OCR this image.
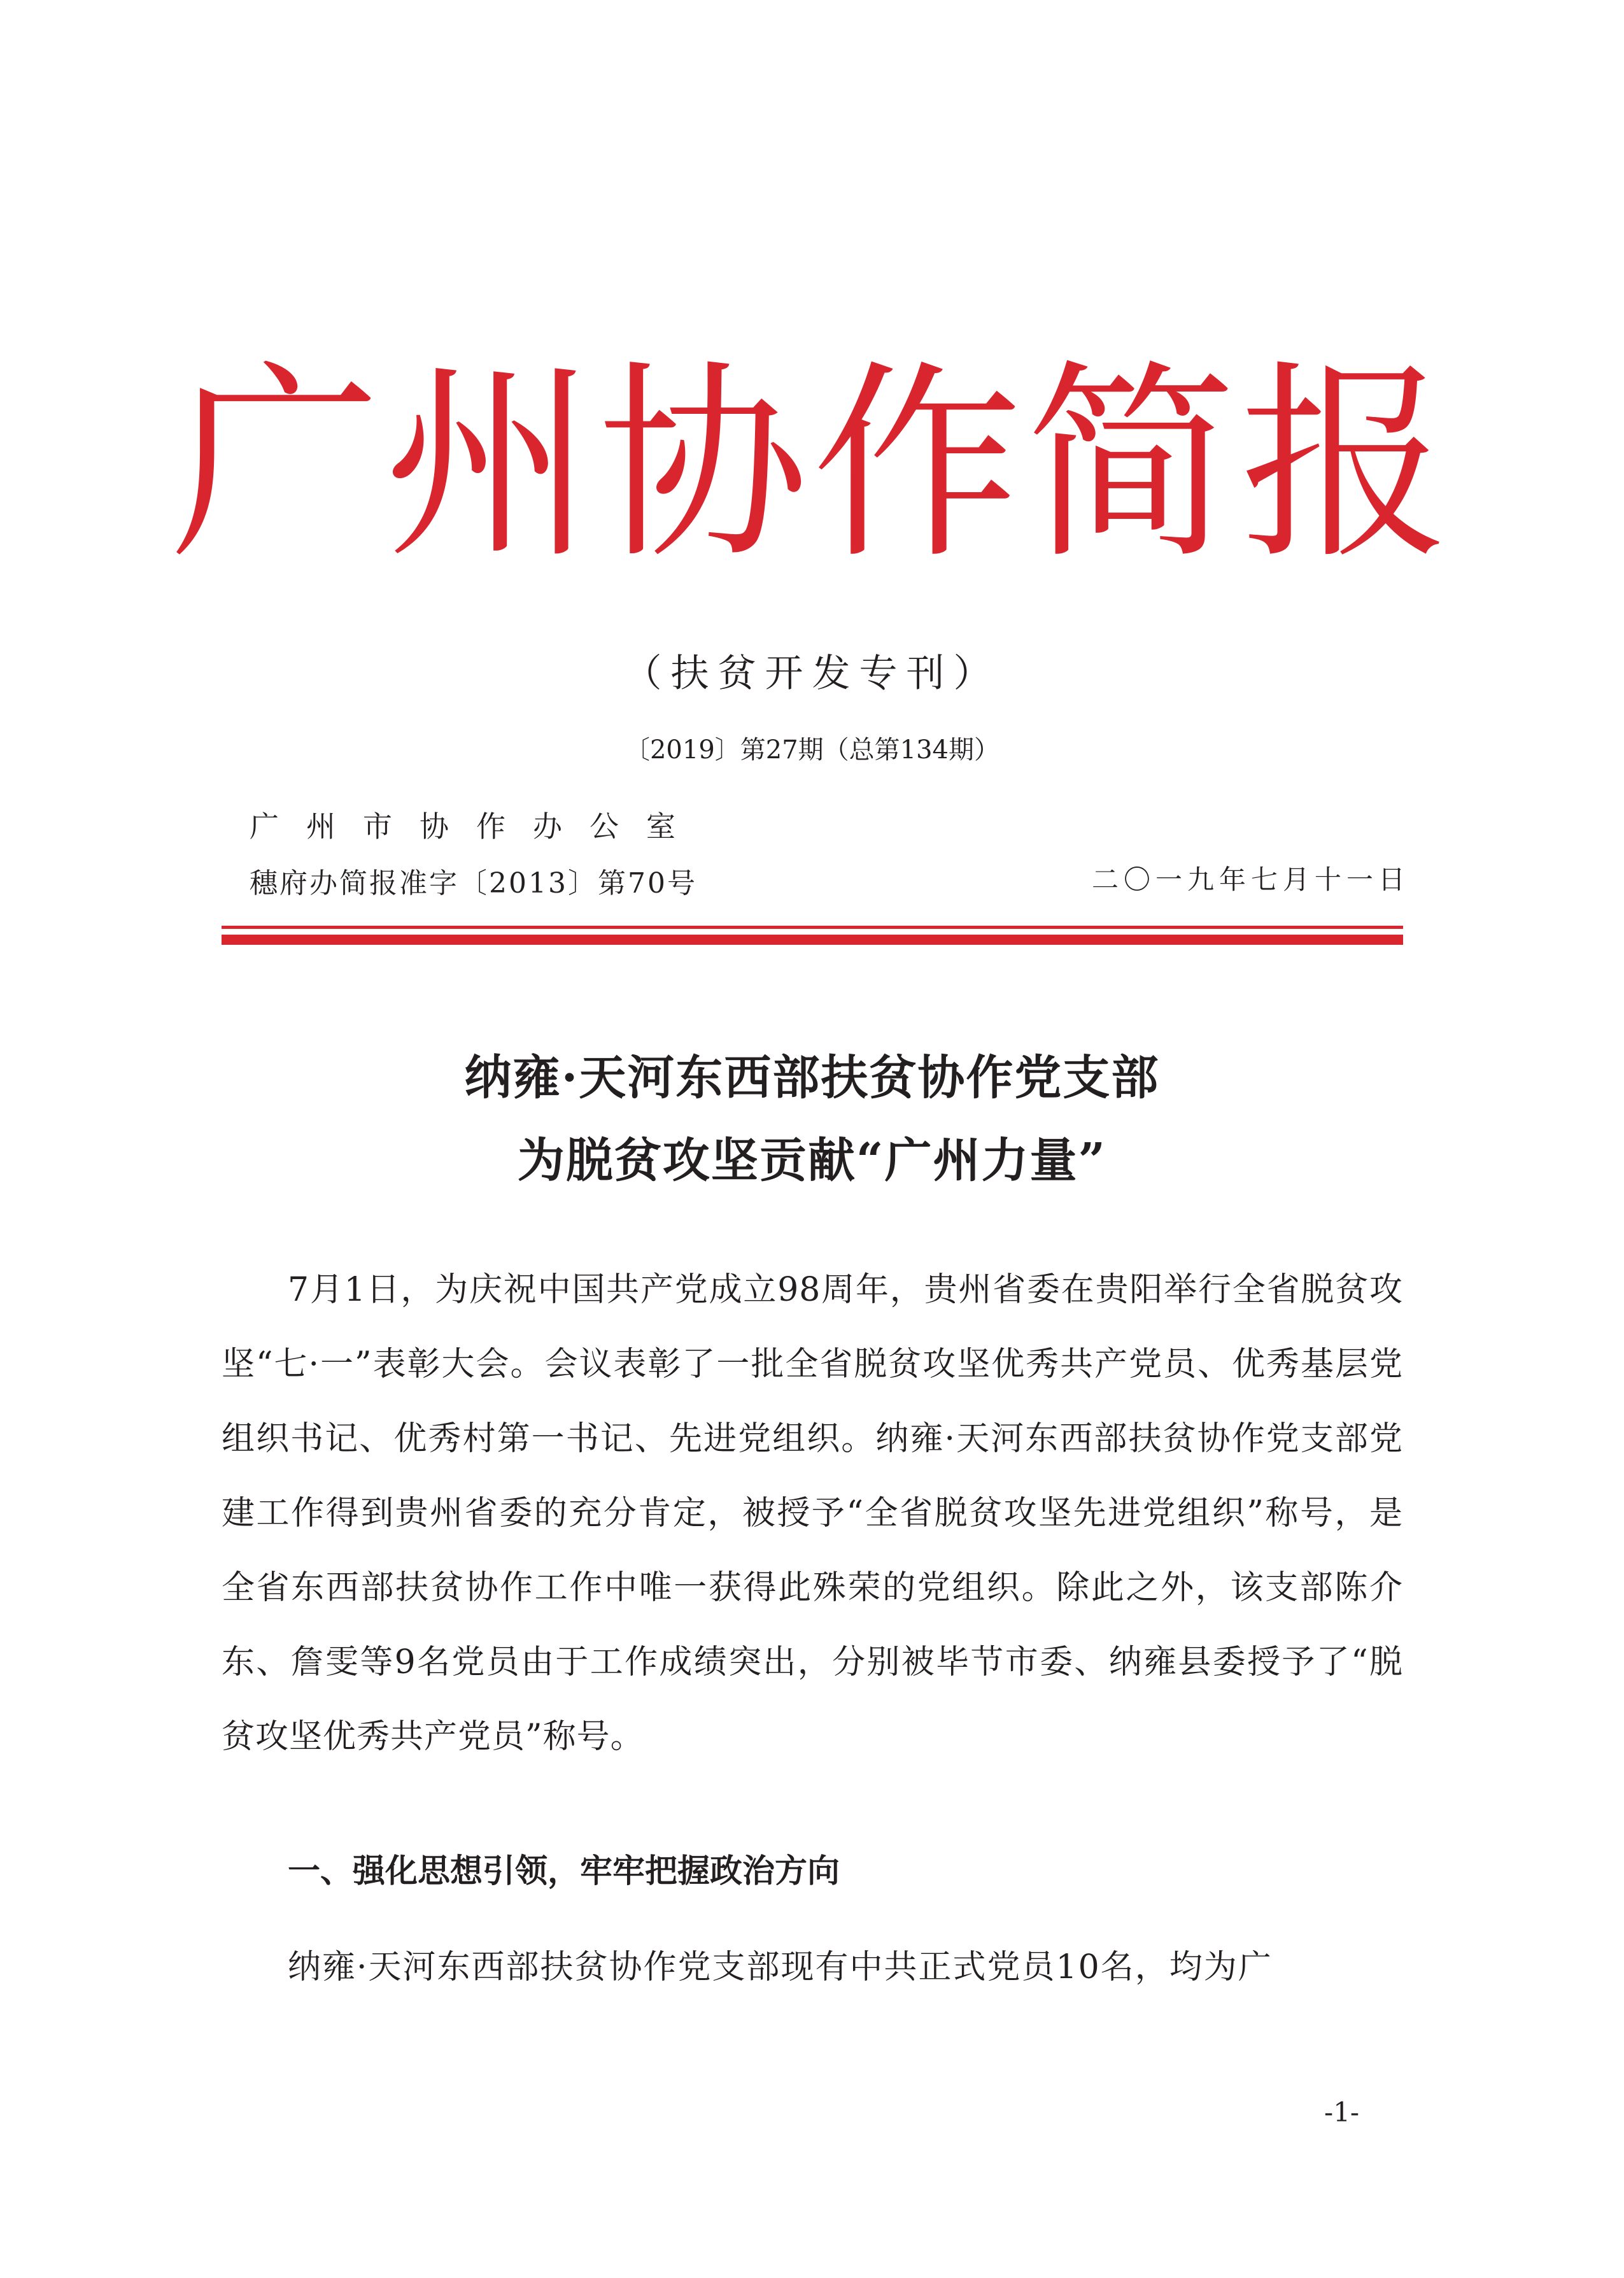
广州协作简报
（扶贫开发专刊）
〔2019〕第27期（总第134期）
广州市协作办公室
穗府办简报准字〔2013〕第70号	二〇一九年七月十一日
纳雍·天河东西部扶贫协作党支部
为脱贫攻坚贡献“广州力量”
7月1日，为庆祝中国共产党成立98周年，贵州省委在贵阳举行全省脱贫攻坚“七·一”表彰大会。会议表彰了一批全省脱贫攻坚优秀共产党员、优秀基层党组织书记、优秀村第一书记、先进党组织。纳雍·天河东西部扶贫协作党支部党建工作得到贵州省委的充分肯定，被授予“全省脱贫攻坚先进党组织”称号，是全省东西部扶贫协作工作中唯一获得此殊荣的党组织。除此之外，该支部陈介东、詹雯等9名党员由于工作成绩突出，分别被毕节市委、纳雍县委授予了“脱贫攻坚优秀共产党员”称号。
一、强化思想引领，牢牢把握政治方向
纳雍·天河东西部扶贫协作党支部现有中共正式党员10名，均为广
-1-
